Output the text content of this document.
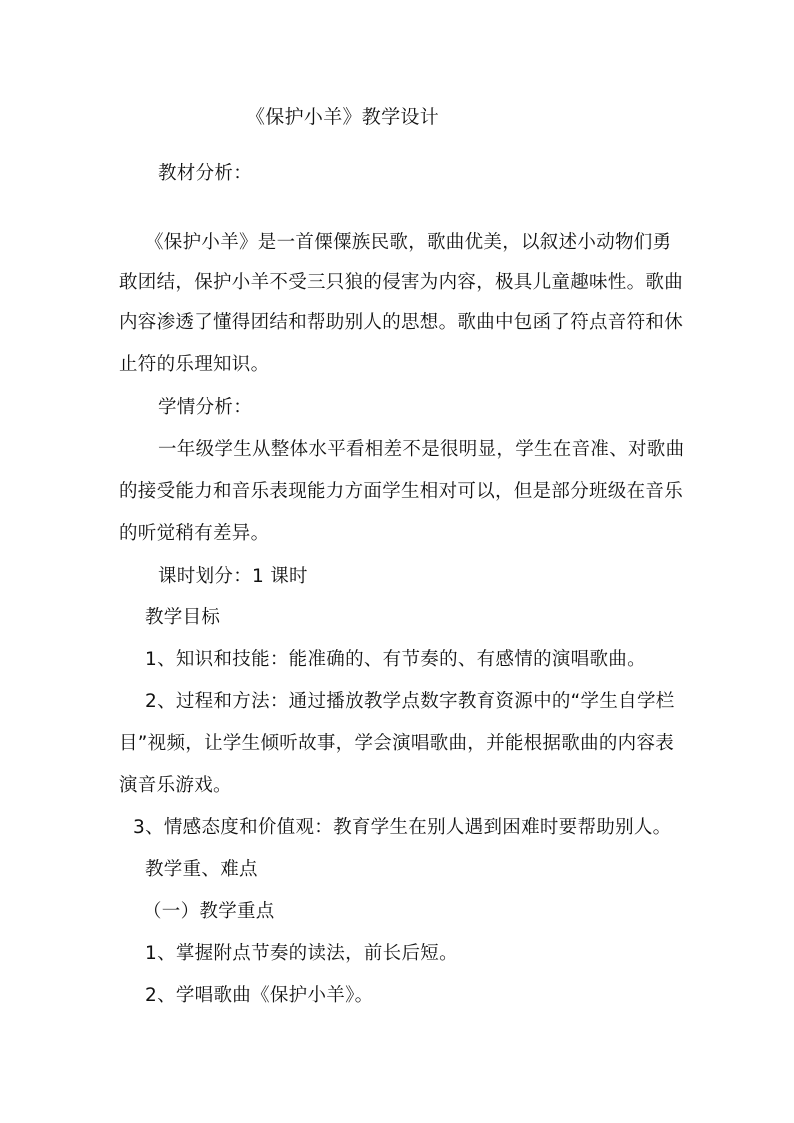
《保护小羊》教学设计
教材分析：
《保护小羊》是一首傈僳族民歌，歌曲优美，以叙述小动物们勇
敢团结，保护小羊不受三只狼的侵害为内容，极具儿童趣味性。歌曲
内容渗透了懂得团结和帮助别人的思想。歌曲中包函了符点音符和休
止符的乐理知识。
学情分析：
一年级学生从整体水平看相差不是很明显，学生在音准、对歌曲
的接受能力和音乐表现能力方面学生相对可以，但是部分班级在音乐
的听觉稍有差异。
课时划分：1 课时
教学目标
1、知识和技能：能准确的、有节奏的、有感情的演唱歌曲。
2、过程和方法：通过播放教学点数字教育资源中的“学生自学栏
目”视频，让学生倾听故事，学会演唱歌曲，并能根据歌曲的内容表
演音乐游戏。
3、情感态度和价值观：教育学生在别人遇到困难时要帮助别人。
教学重、难点
（一）教学重点
1、掌握附点节奏的读法，前长后短。
2、学唱歌曲《保护小羊》。
